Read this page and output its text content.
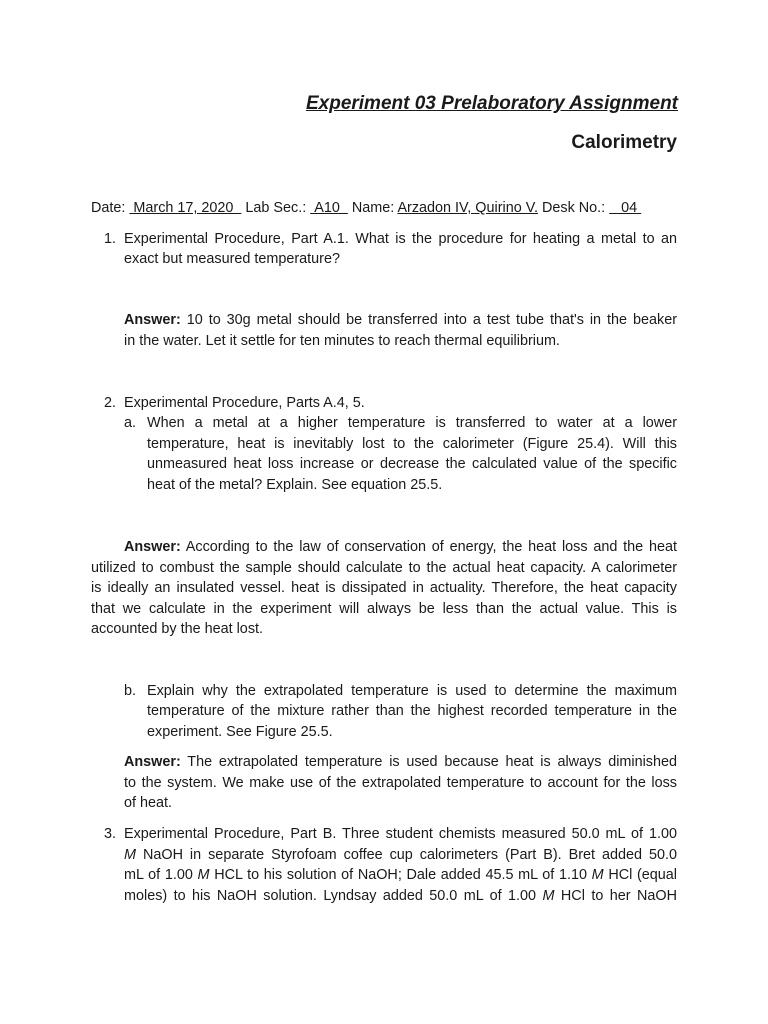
Experiment 03 Prelaboratory Assignment
Calorimetry

Date:  March 17, 2020   Lab Sec.:  A10   Name: Arzadon IV, Quirino V. Desk No.:    04

1. Experimental Procedure, Part A.1. What is the procedure for heating a metal to an

exact but measured temperature?

Answer: 10 to 30g metal should be transferred into a test tube that's in the beaker

in the water. Let it settle for ten minutes to reach thermal equilibrium.

2. Experimental Procedure, Parts A.4, 5.

a. When a metal at a higher temperature is transferred to water at a lower

temperature, heat is inevitably lost to the calorimeter (Figure 25.4). Will this

unmeasured heat loss increase or decrease the calculated value of the specific

heat of the metal? Explain. See equation 25.5.

Answer: According to the law of conservation of energy, the heat loss and the heat

utilized to combust the sample should calculate to the actual heat capacity. A calorimeter

is ideally an insulated vessel. heat is dissipated in actuality. Therefore, the heat capacity

that we calculate in the experiment will always be less than the actual value. This is

accounted by the heat lost.

b. Explain why the extrapolated temperature is used to determine the maximum

temperature of the mixture rather than the highest recorded temperature in the

experiment. See Figure 25.5.

Answer: The extrapolated temperature is used because heat is always diminished

to the system. We make use of the extrapolated temperature to account for the loss

of heat.

3. Experimental Procedure, Part B. Three student chemists measured 50.0 mL of 1.00

M NaOH in separate Styrofoam coffee cup calorimeters (Part B). Bret added 50.0

mL of 1.00 M HCL to his solution of NaOH; Dale added 45.5 mL of 1.10 M HCl (equal

moles) to his NaOH solution. Lyndsay added 50.0 mL of 1.00 M HCl to her NaOH
